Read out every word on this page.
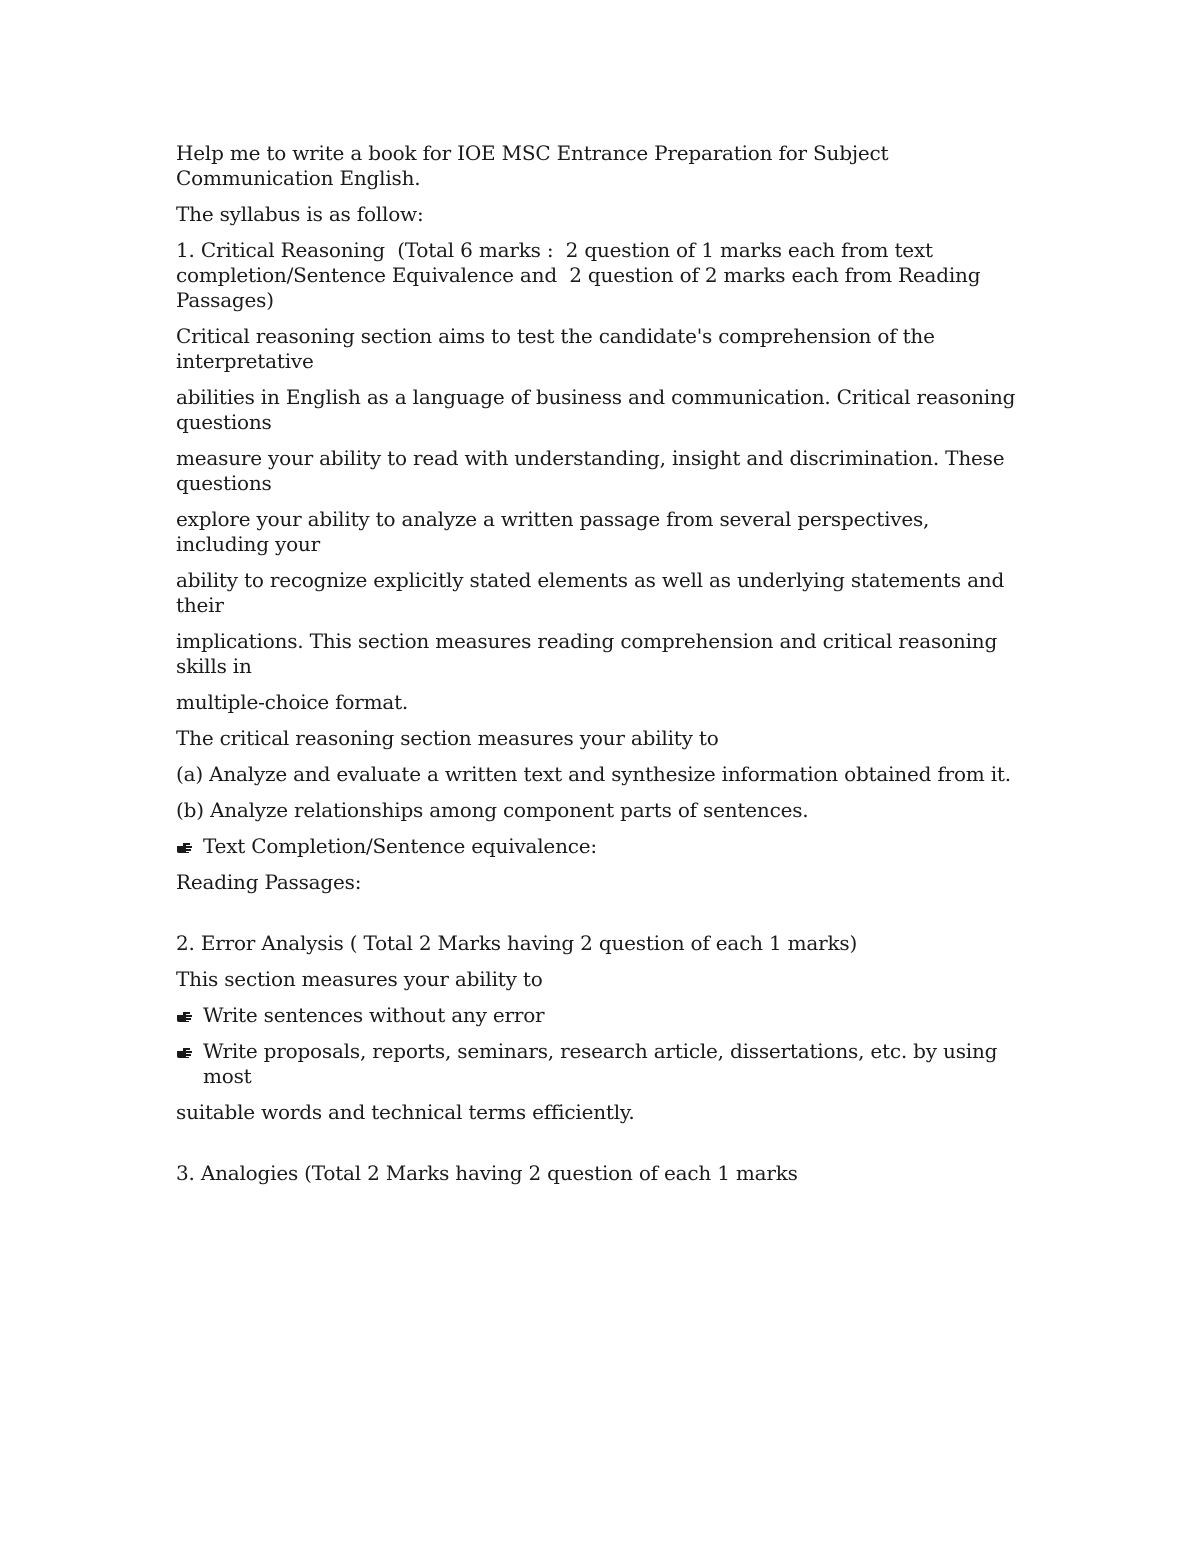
Help me to write a book for IOE MSC Entrance Preparation for Subject Communication English.

The syllabus is as follow:

1. Critical Reasoning  (Total 6 marks :  2 question of 1 marks each from text completion/Sentence Equivalence and  2 question of 2 marks each from Reading Passages)

Critical reasoning section aims to test the candidate's comprehension of the interpretative

abilities in English as a language of business and communication. Critical reasoning questions

measure your ability to read with understanding, insight and discrimination. These questions

explore your ability to analyze a written passage from several perspectives, including your

ability to recognize explicitly stated elements as well as underlying statements and their

implications. This section measures reading comprehension and critical reasoning skills in

multiple-choice format.

The critical reasoning section measures your ability to

(a) Analyze and evaluate a written text and synthesize information obtained from it.

(b) Analyze relationships among component parts of sentences.

Text Completion/Sentence equivalence:

Reading Passages:

2. Error Analysis ( Total 2 Marks having 2 question of each 1 marks)

This section measures your ability to

Write sentences without any error
Write proposals, reports, seminars, research article, dissertations, etc. by using most

suitable words and technical terms efficiently.

3. Analogies (Total 2 Marks having 2 question of each 1 marks
